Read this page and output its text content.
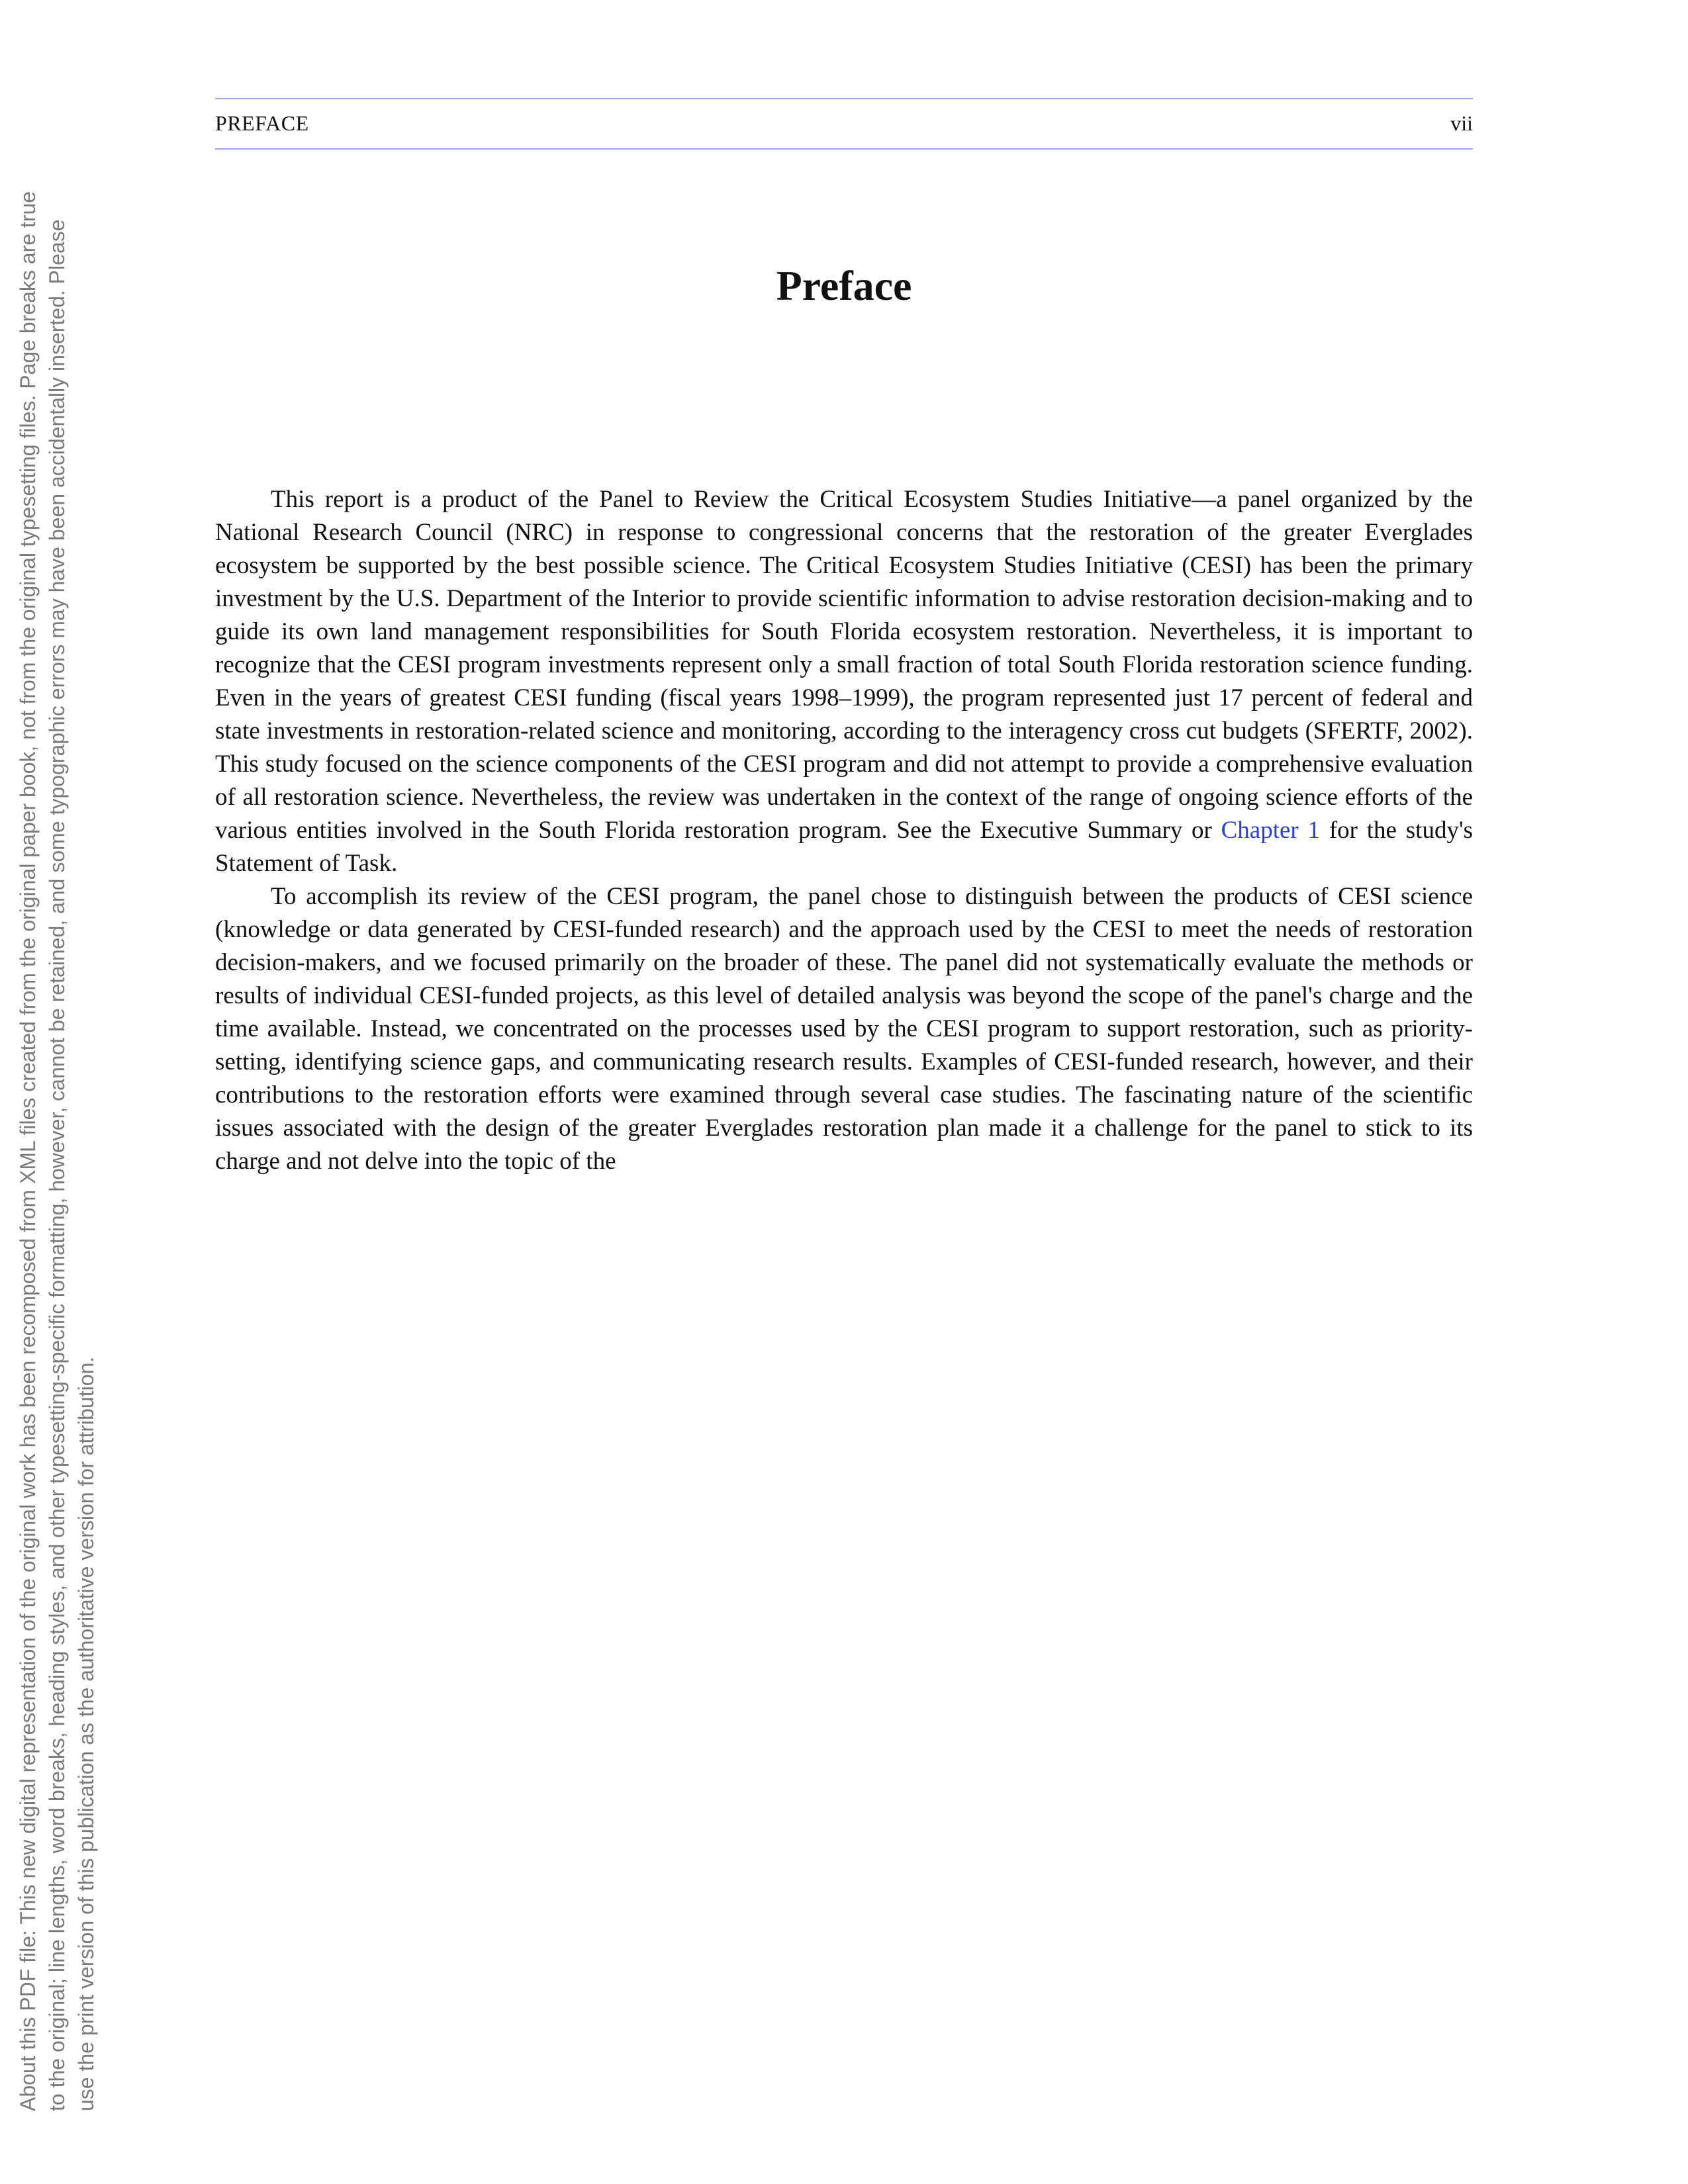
About this PDF file: This new digital representation of the original work has been recomposed from XML files created from the original paper book, not from the original typesetting files. Page breaks are true to the original; line lengths, word breaks, heading styles, and other typesetting-specific formatting, however, cannot be retained, and some typographic errors may have been accidentally inserted. Please use the print version of this publication as the authoritative version for attribution.
PREFACE	vii
Preface

This report is a product of the Panel to Review the Critical Ecosystem Studies Initiative—a panel organized by the National Research Council (NRC) in response to congressional concerns that the restoration of the greater Everglades ecosystem be supported by the best possible science. The Critical Ecosystem Studies Initiative (CESI) has been the primary investment by the U.S. Department of the Interior to provide scientific information to advise restoration decision-making and to guide its own land management responsibilities for South Florida ecosystem restoration. Nevertheless, it is important to recognize that the CESI program investments represent only a small fraction of total South Florida restoration science funding. Even in the years of greatest CESI funding (fiscal years 1998–1999), the program represented just 17 percent of federal and state investments in restoration-related science and monitoring, according to the interagency cross cut budgets (SFERTF, 2002). This study focused on the science components of the CESI program and did not attempt to provide a comprehensive evaluation of all restoration science. Nevertheless, the review was undertaken in the context of the range of ongoing science efforts of the various entities involved in the South Florida restoration program. See the Executive Summary or Chapter 1 for the study's Statement of Task.

To accomplish its review of the CESI program, the panel chose to distinguish between the products of CESI science (knowledge or data generated by CESI-funded research) and the approach used by the CESI to meet the needs of restoration decision-makers, and we focused primarily on the broader of these. The panel did not systematically evaluate the methods or results of individual CESI-funded projects, as this level of detailed analysis was beyond the scope of the panel's charge and the time available. Instead, we concentrated on the processes used by the CESI program to support restoration, such as priority-setting, identifying science gaps, and communicating research results. Examples of CESI-funded research, however, and their contributions to the restoration efforts were examined through several case studies. The fascinating nature of the scientific issues associated with the design of the greater Everglades restoration plan made it a challenge for the panel to stick to its charge and not delve into the topic of the
